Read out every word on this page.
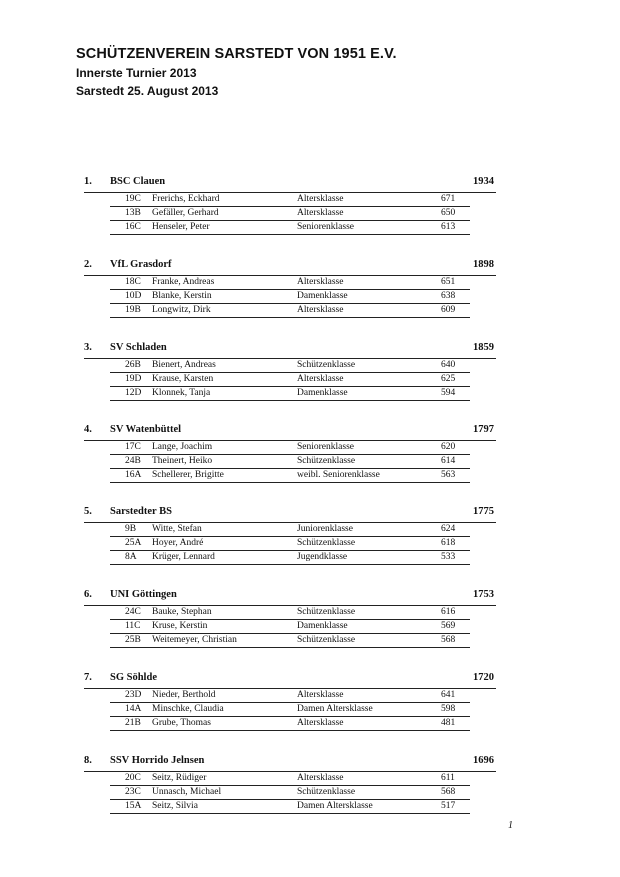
SCHÜTZENVEREIN SARSTEDT VON 1951 E.V.
Innerste Turnier 2013
Sarstedt 25. August 2013
1. BSC Clauen	1934
19C Frerichs, Eckhard	Altersklasse	671
13B Gefäller, Gerhard	Altersklasse	650
16C Henseler, Peter	Seniorenklasse	613
2. VfL Grasdorf	1898
18C Franke, Andreas	Altersklasse	651
10D Blanke, Kerstin	Damenklasse	638
19B Longwitz, Dirk	Altersklasse	609
3. SV Schladen	1859
26B Bienert, Andreas	Schützenklasse	640
19D Krause, Karsten	Altersklasse	625
12D Klonnek, Tanja	Damenklasse	594
4. SV Watenbüttel	1797
17C Lange, Joachim	Seniorenklasse	620
24B Theinert, Heiko	Schützenklasse	614
16A Schellerer, Brigitte	weibl. Seniorenklasse	563
5. Sarstedter BS	1775
9B Witte, Stefan	Juniorenklasse	624
25A Hoyer, André	Schützenklasse	618
8A Krüger, Lennard	Jugendklasse	533
6. UNI Göttingen	1753
24C Bauke, Stephan	Schützenklasse	616
11C Kruse, Kerstin	Damenklasse	569
25B Weitemeyer, Christian	Schützenklasse	568
7. SG Söhlde	1720
23D Nieder, Berthold	Altersklasse	641
14A Minschke, Claudia	Damen Altersklasse	598
21B Grube, Thomas	Altersklasse	481
8. SSV Horrido Jelnsen	1696
20C Seitz, Rüdiger	Altersklasse	611
23C Unnasch, Michael	Schützenklasse	568
15A Seitz, Silvia	Damen Altersklasse	517
1
